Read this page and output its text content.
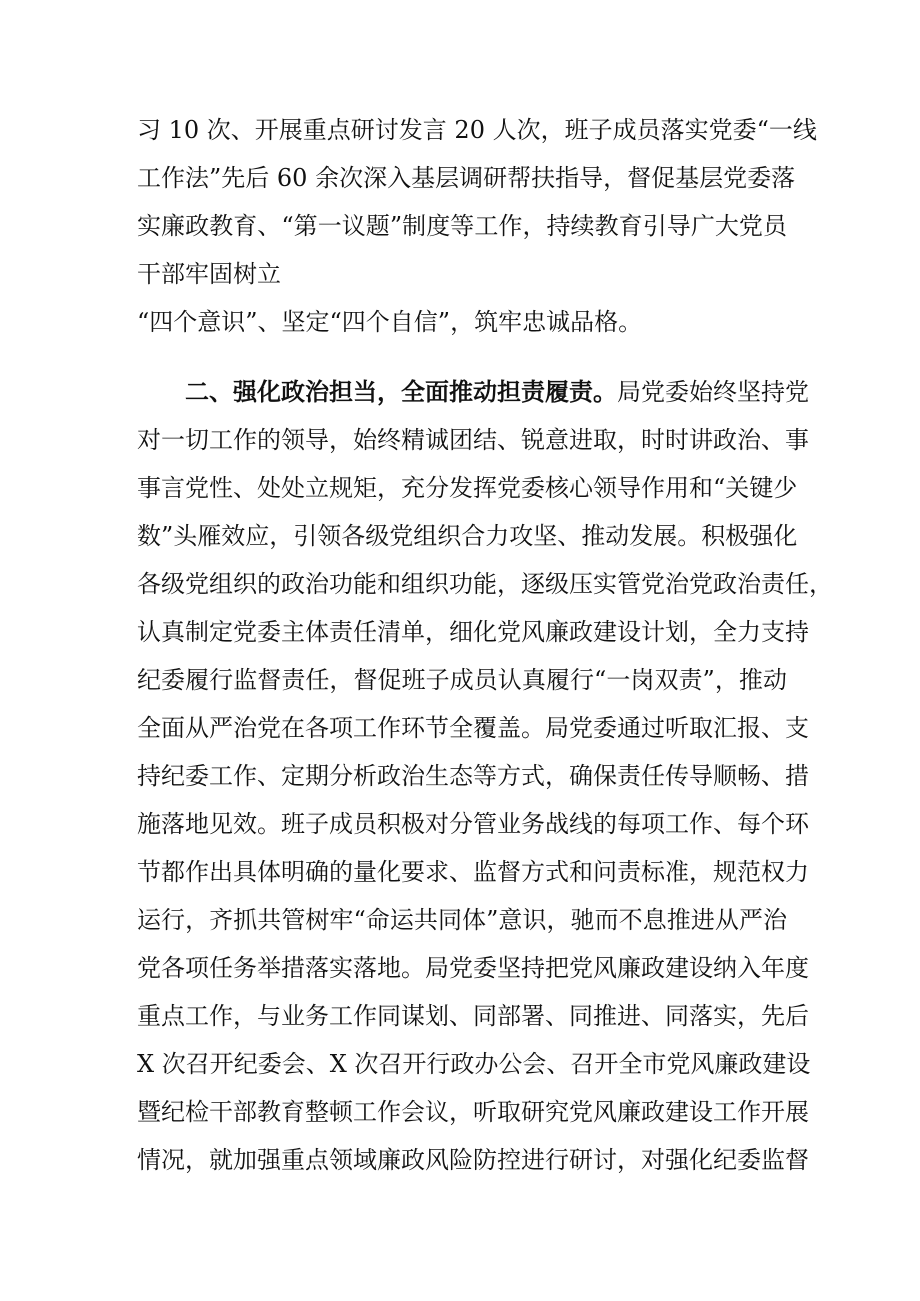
习 10 次、开展重点研讨发言 20 人次，班子成员落实党委“一线
工作法”先后 60 余次深入基层调研帮扶指导，督促基层党委落
实廉政教育、“第一议题”制度等工作，持续教育引导广大党员
干部牢固树立
“四个意识”、坚定“四个自信”，筑牢忠诚品格。
二、强化政治担当，全面推动担责履责。局党委始终坚持党
对一切工作的领导，始终精诚团结、锐意进取，时时讲政治、事
事言党性、处处立规矩，充分发挥党委核心领导作用和“关键少
数”头雁效应，引领各级党组织合力攻坚、推动发展。积极强化
各级党组织的政治功能和组织功能，逐级压实管党治党政治责任，
认真制定党委主体责任清单，细化党风廉政建设计划，全力支持
纪委履行监督责任，督促班子成员认真履行“一岗双责”，推动
全面从严治党在各项工作环节全覆盖。局党委通过听取汇报、支
持纪委工作、定期分析政治生态等方式，确保责任传导顺畅、措
施落地见效。班子成员积极对分管业务战线的每项工作、每个环
节都作出具体明确的量化要求、监督方式和问责标准，规范权力
运行，齐抓共管树牢“命运共同体”意识，驰而不息推进从严治
党各项任务举措落实落地。局党委坚持把党风廉政建设纳入年度
重点工作，与业务工作同谋划、同部署、同推进、同落实，先后
X 次召开纪委会、X 次召开行政办公会、召开全市党风廉政建设
暨纪检干部教育整顿工作会议，听取研究党风廉政建设工作开展
情况，就加强重点领域廉政风险防控进行研讨，对强化纪委监督
